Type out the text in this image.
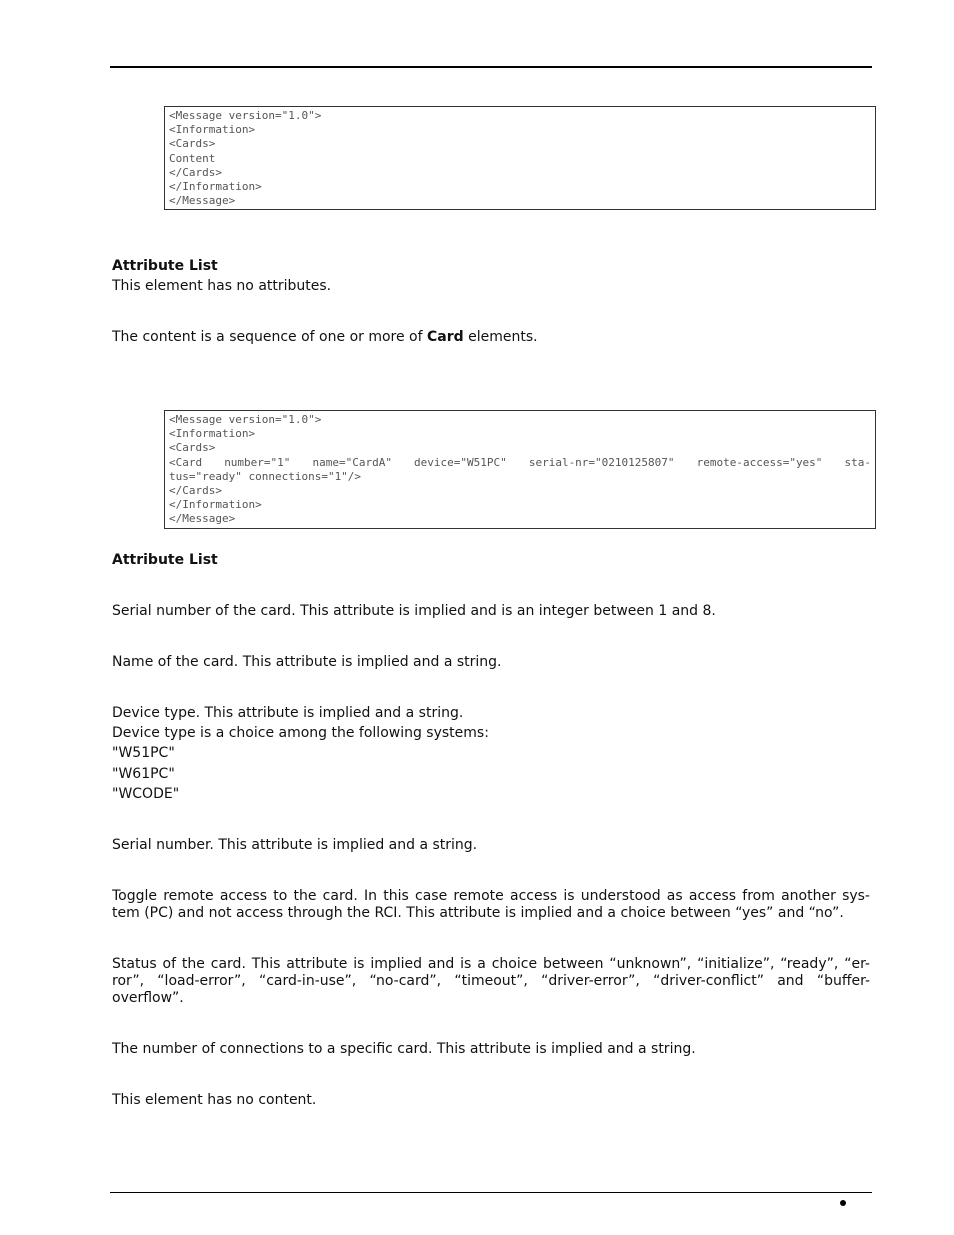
<Message version="1.0">
<Information>
<Cards>
Content
</Cards>
</Information>
</Message>
Attribute List
This element has no attributes.
The content is a sequence of one or more of Card elements.
<Message version="1.0">
<Information>
<Cards>
<Card number="1" name="CardA" device="W51PC" serial-nr="0210125807" remote-access="yes" sta-
tus="ready" connections="1"/>
</Cards>
</Information>
</Message>
Attribute List
Serial number of the card. This attribute is implied and is an integer between 1 and 8.
Name of the card. This attribute is implied and a string.
Device type. This attribute is implied and a string.
Device type is a choice among the following systems:
"W51PC"
"W61PC"
"WCODE"
Serial number. This attribute is implied and a string.
Toggle remote access to the card. In this case remote access is understood as access from another sys-
tem (PC) and not access through the RCI. This attribute is implied and a choice between “yes” and “no”.
Status of the card. This attribute is implied and is a choice between “unknown”, “initialize”, “ready”, “er-
ror”, “load-error”, “card-in-use”, “no-card”, “timeout”, “driver-error”, “driver-conflict” and “buffer-
overflow”.
The number of connections to a specific card. This attribute is implied and a string.
This element has no content.
